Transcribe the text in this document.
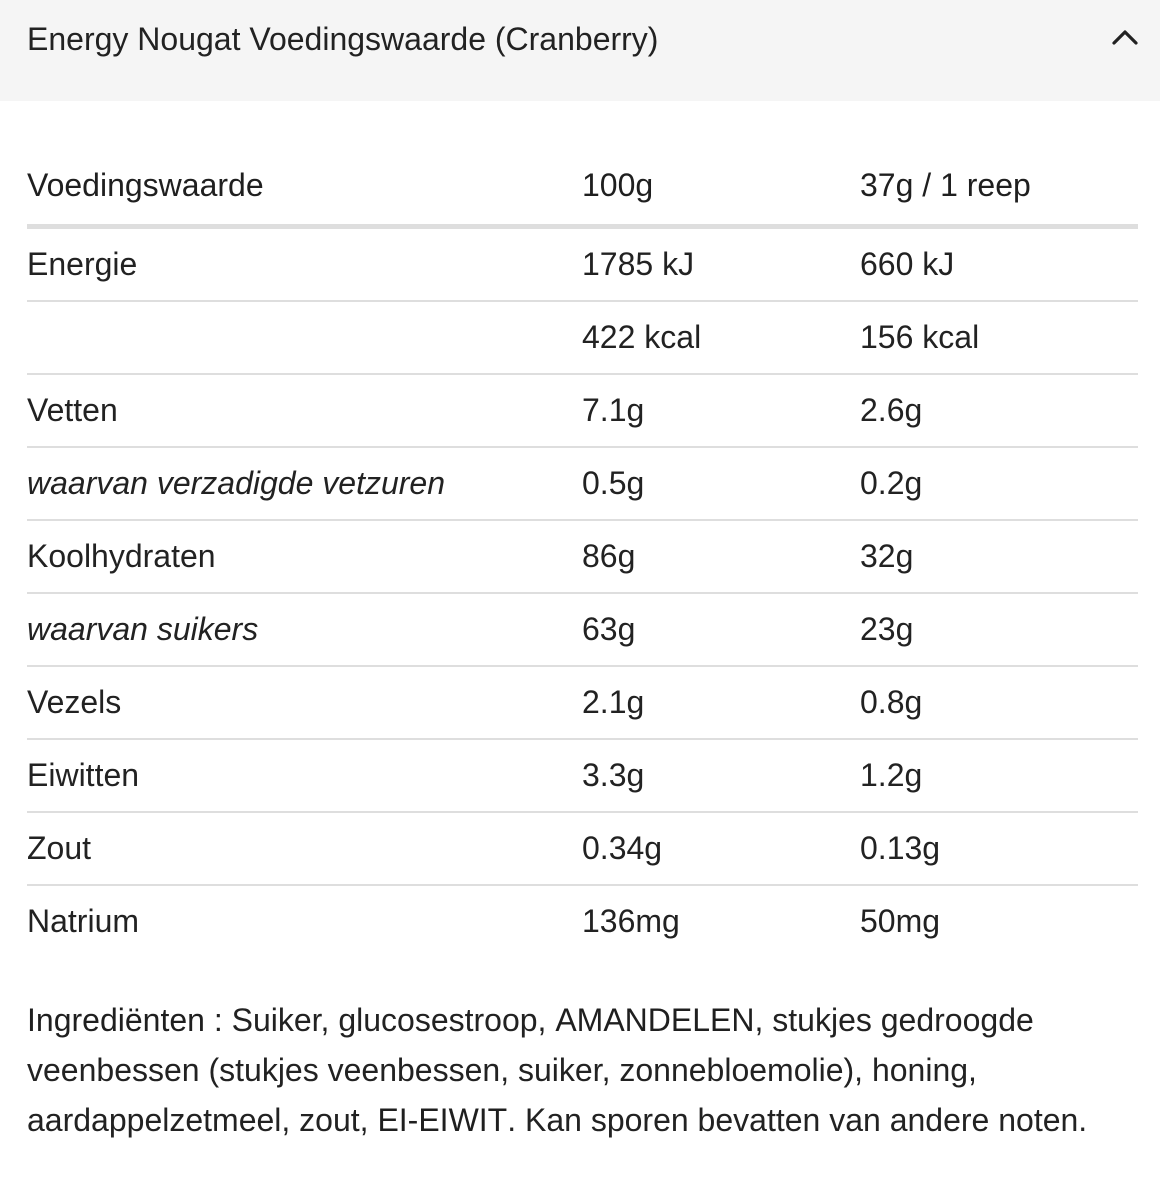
Energy Nougat Voedingswaarde (Cranberry)
Voedingswaarde	100g	37g / 1 reep
Energie	1785 kJ	660 kJ
	422 kcal	156 kcal
Vetten	7.1g	2.6g
waarvan verzadigde vetzuren	0.5g	0.2g
Koolhydraten	86g	32g
waarvan suikers	63g	23g
Vezels	2.1g	0.8g
Eiwitten	3.3g	1.2g
Zout	0.34g	0.13g
Natrium	136mg	50mg

Ingrediënten : Suiker, glucosestroop, AMANDELEN, stukjes gedroogde veenbessen (stukjes veenbessen, suiker, zonnebloemolie), honing, aardappelzetmeel, zout, EI-EIWIT. Kan sporen bevatten van andere noten.
